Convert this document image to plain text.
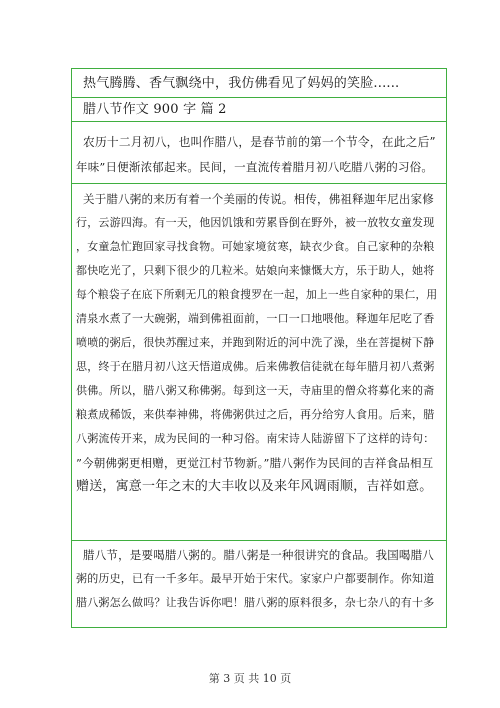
热气腾腾、香气飘绕中，我仿佛看见了妈妈的笑脸......
腊八节作文 900 字 篇 2
农历十二月初八，也叫作腊八，是春节前的第一个节令，在此之后”
年味”日便渐浓郁起来。民间，一直流传着腊月初八吃腊八粥的习俗。
关于腊八粥的来历有着一个美丽的传说。相传，佛祖释迦年尼出家修
行，云游四海。有一天，他因饥饿和劳累昏倒在野外，被一放牧女童发现
，女童急忙跑回家寻找食物。可她家境贫寒，缺衣少食。自己家种的杂粮
都快吃光了，只剩下很少的几粒米。姑娘向来慷慨大方，乐于助人，她将
每个粮袋子在底下所剩无几的粮食搜罗在一起，加上一些自家种的果仁，用
清泉水煮了一大碗粥，端到佛祖面前，一口一口地喂他。释迦年尼吃了香
喷喷的粥后，很快苏醒过来，并跑到附近的河中洗了澡，坐在菩提树下静
思，终于在腊月初八这天悟道成佛。后来佛教信徒就在每年腊月初八煮粥
供佛。所以，腊八粥又称佛粥。每到这一天，寺庙里的僧众将募化来的斋
粮煮成稀饭，来供奉神佛，将佛粥供过之后，再分给穷人食用。后来，腊
八粥流传开来，成为民间的一种习俗。南宋诗人陆游留下了这样的诗句：
”今朝佛粥更相赠，更觉江村节物新。”腊八粥作为民间的吉祥食品相互
赠送，寓意一年之末的大丰收以及来年风调雨顺，吉祥如意。
腊八节，是要喝腊八粥的。腊八粥是一种很讲究的食品。我国喝腊八
粥的历史，已有一千多年。最早开始于宋代。家家户户都要制作。你知道
腊八粥怎么做吗？让我告诉你吧！腊八粥的原料很多，杂七杂八的有十多
第 3 页 共 10 页
